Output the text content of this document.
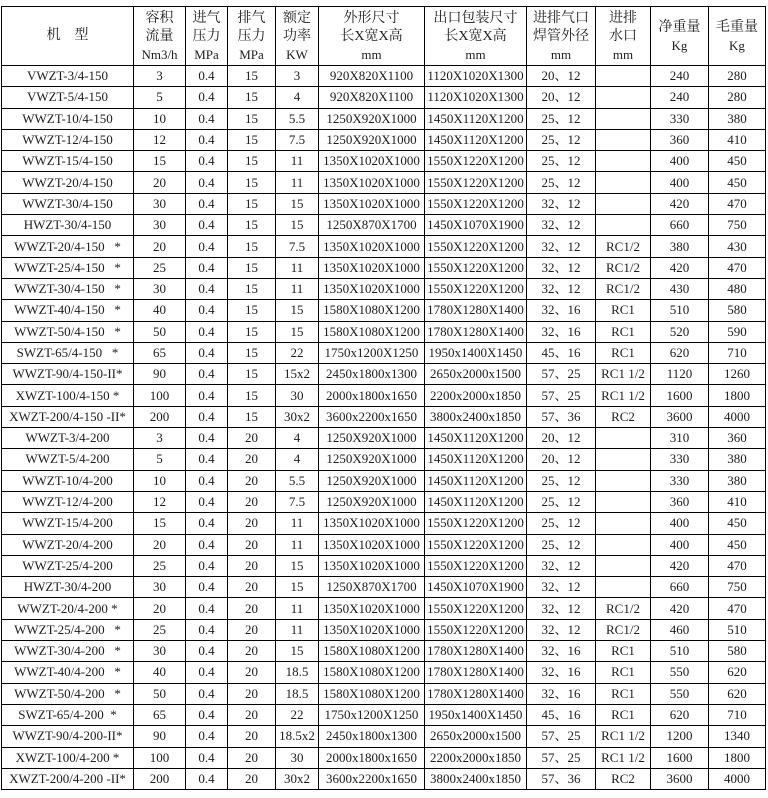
机　型

容积
流量
Nm3/h

进气
压力
MPa

排气
压力
MPa

额定
功率
KW

外形尺寸
长X宽X高
mm

出口包装尺寸
长X宽X高
mm

进排气口
焊管外径
mm

进排
水口
mm

净重量
Kg

毛重量
Kg

VWZT-3/4-150	3	0.4	15	3	920X820X1100	1120X1020X1300	20、12		240	280
VWZT-5/4-150	5	0.4	15	4	920X820X1100	1120X1020X1300	20、12		240	280
WWZT-10/4-150	10	0.4	15	5.5	1250X920X1000	1450X1120X1200	25、12		330	380
WWZT-12/4-150	12	0.4	15	7.5	1250X920X1000	1450X1120X1200	25、12		360	410
WWZT-15/4-150	15	0.4	15	11	1350X1020X1000	1550X1220X1200	25、12		400	450
WWZT-20/4-150	20	0.4	15	11	1350X1020X1000	1550X1220X1200	25、12		400	450
WWZT-30/4-150	30	0.4	15	15	1350X1020X1000	1550X1220X1200	32、12		420	470
HWZT-30/4-150	30	0.4	15	15	1250X870X1700	1450X1070X1900	32、12		660	750
WWZT-20/4-150   *	20	0.4	15	7.5	1350X1020X1000	1550X1220X1200	32、12	RC1/2	380	430
WWZT-25/4-150   *	25	0.4	15	11	1350X1020X1000	1550X1220X1200	32、12	RC1/2	420	470
WWZT-30/4-150   *	30	0.4	15	11	1350X1020X1000	1550X1220X1200	32、12	RC1/2	430	480
WWZT-40/4-150   *	40	0.4	15	15	1580X1080X1200	1780X1280X1400	32、16	RC1	510	580
WWZT-50/4-150   *	50	0.4	15	15	1580X1080X1200	1780X1280X1400	32、16	RC1	520	590
SWZT-65/4-150   *	65	0.4	15	22	1750x1200X1250	1950x1400X1450	45、16	RC1	620	710
WWZT-90/4-150-II*	90	0.4	15	15x2	2450x1800x1300	2650x2000x1500	57、25	RC1 1/2	1120	1260
XWZT-100/4-150 *	100	0.4	15	30	2000x1800x1650	2200x2000x1850	57、25	RC1 1/2	1600	1800
XWZT-200/4-150 -II*	200	0.4	15	30x2	3600x2200x1650	3800x2400x1850	57、36	RC2	3600	4000
WWZT-3/4-200	3	0.4	20	4	1250X920X1000	1450X1120X1200	20、12		310	360
WWZT-5/4-200	5	0.4	20	4	1250X920X1000	1450X1120X1200	20、12		330	380
WWZT-10/4-200	10	0.4	20	5.5	1250X920X1000	1450X1120X1200	25、12		330	380
WWZT-12/4-200	12	0.4	20	7.5	1250X920X1000	1450X1120X1200	25、12		360	410
WWZT-15/4-200	15	0.4	20	11	1350X1020X1000	1550X1220X1200	25、12		400	450
WWZT-20/4-200	20	0.4	20	11	1350X1020X1000	1550X1220X1200	25、12		400	450
WWZT-25/4-200	25	0.4	20	15	1350X1020X1000	1550X1220X1200	32、12		420	470
HWZT-30/4-200	30	0.4	20	15	1250X870X1700	1450X1070X1900	32、12		660	750
WWZT-20/4-200 *	20	0.4	20	11	1350X1020X1000	1550X1220X1200	32、12	RC1/2	420	470
WWZT-25/4-200   *	25	0.4	20	11	1350X1020X1000	1550X1220X1200	32、12	RC1/2	460	510
WWZT-30/4-200   *	30	0.4	20	15	1580X1080X1200	1780X1280X1400	32、16	RC1	510	580
WWZT-40/4-200   *	40	0.4	20	18.5	1580X1080X1200	1780X1280X1400	32、16	RC1	550	620
WWZT-50/4-200   *	50	0.4	20	18.5	1580X1080X1200	1780X1280X1400	32、16	RC1	550	620
SWZT-65/4-200  *	65	0.4	20	22	1750x1200X1250	1950x1400X1450	45、16	RC1	620	710
WWZT-90/4-200-II*	90	0.4	20	18.5x2	2450x1800x1300	2650x2000x1500	57、25	RC1 1/2	1200	1340
XWZT-100/4-200 *	100	0.4	20	30	2000x1800x1650	2200x2000x1850	57、25	RC1 1/2	1600	1800
XWZT-200/4-200 -II*	200	0.4	20	30x2	3600x2200x1650	3800x2400x1850	57、36	RC2	3600	4000
